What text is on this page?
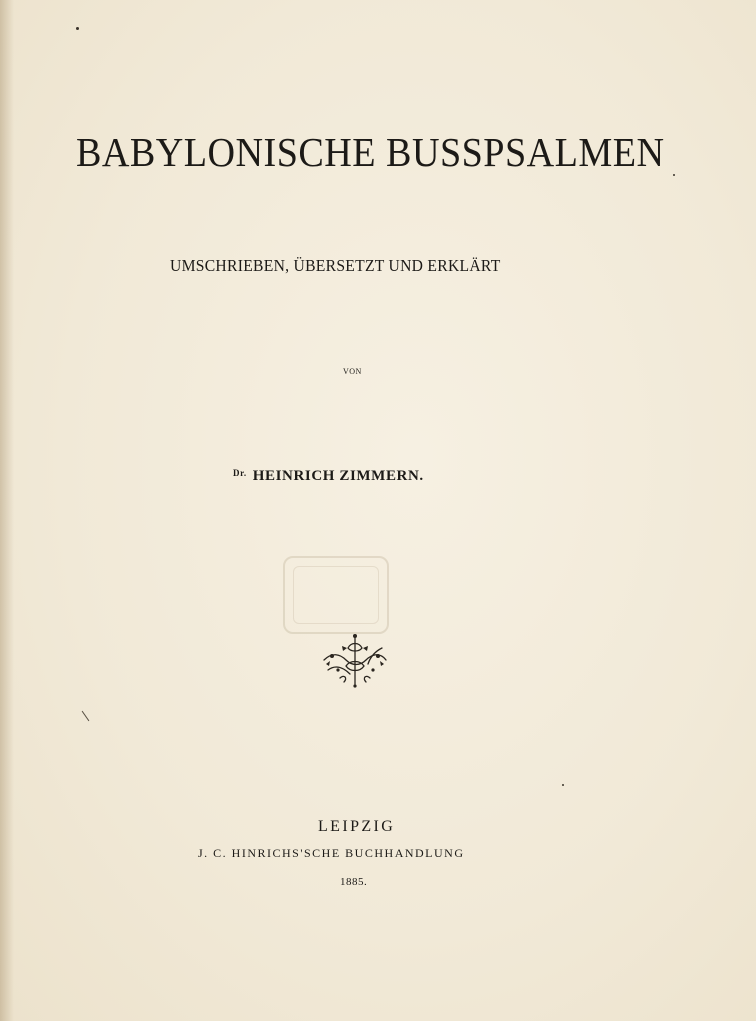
BABYLONISCHE BUSSPSALMEN
UMSCHRIEBEN, ÜBERSETZT UND ERKLÄRT
VON
$^{Dr.}$ HEINRICH ZIMMERN.
LEIPZIG
J. C. HINRICHS'SCHE BUCHHANDLUNG
1885.
